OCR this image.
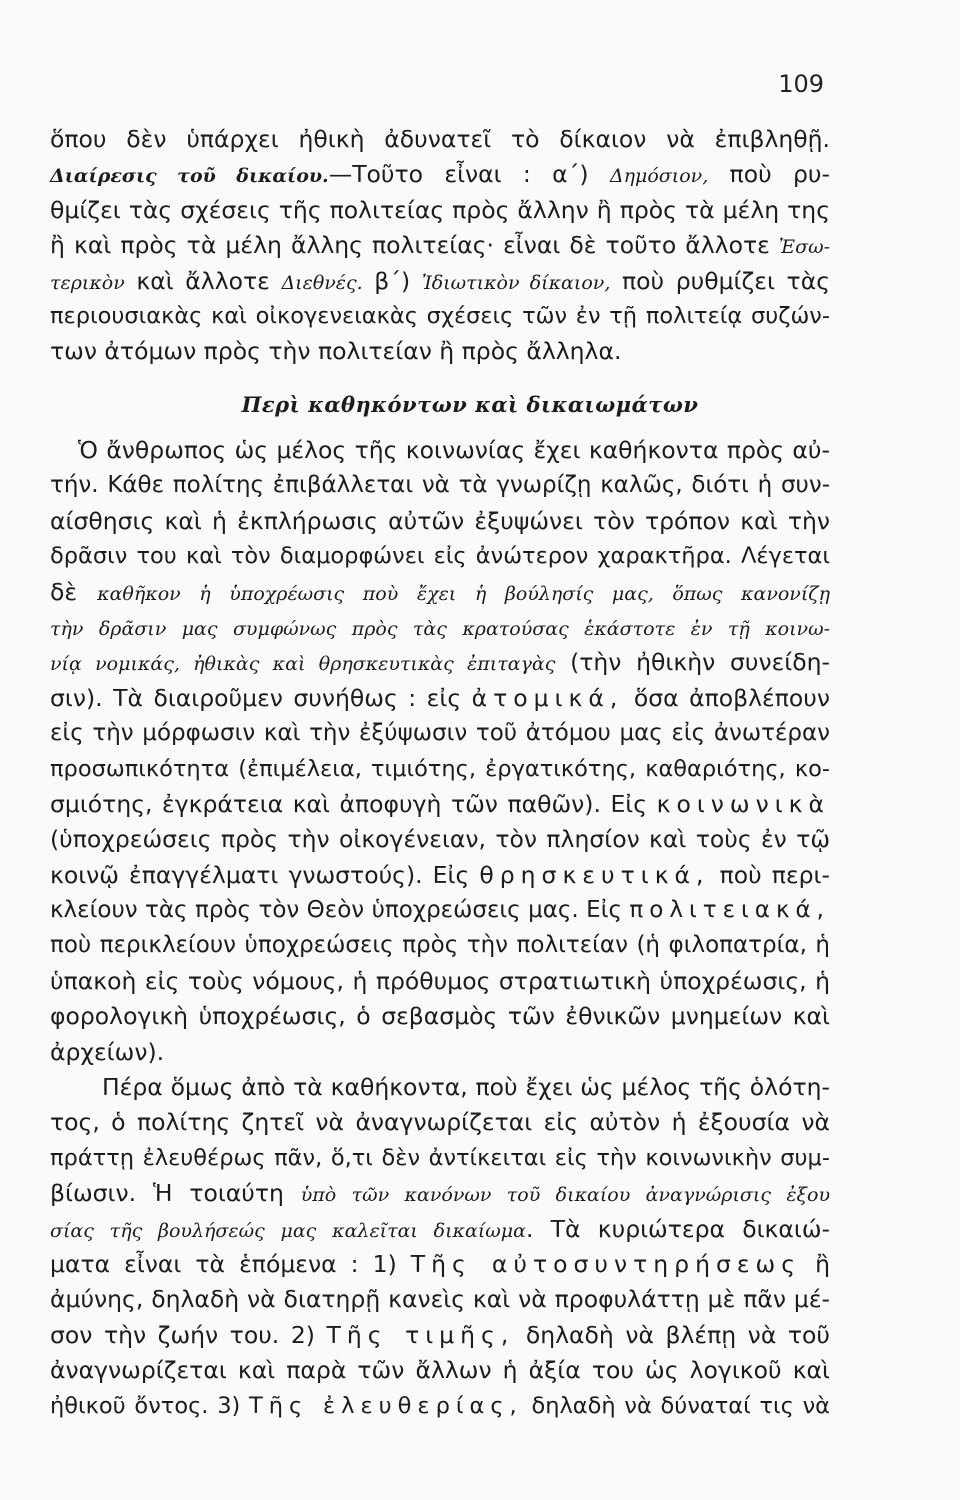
109
ὅπου δὲν ὑπάρχει ἠθικὴ ἀδυνατεῖ τὸ δίκαιον νὰ ἐπιβληθῇ.
Διαίρεσις τοῦ δικαίου.—Τοῦτο εἶναι : α΄) Δημόσιον, ποὺ ρυ-
θμίζει τὰς σχέσεις τῆς πολιτείας πρὸς ἄλλην ἢ πρὸς τὰ μέλη της
ἢ καὶ πρὸς τὰ μέλη ἄλλης πολιτείας· εἶναι δὲ τοῦτο ἄλλοτε Ἐσω-
τερικὸν καὶ ἄλλοτε Διεθνές. β΄) Ἰδιωτικὸν δίκαιον, ποὺ ρυθμίζει τὰς
περιουσιακὰς καὶ οἰκογενειακὰς σχέσεις τῶν ἐν τῇ πολιτείᾳ συζών-
των ἀτόμων πρὸς τὴν πολιτείαν ἢ πρὸς ἄλληλα.
Περὶ καθηκόντων καὶ δικαιωμάτων
Ὁ ἄνθρωπος ὡς μέλος τῆς κοινωνίας ἔχει καθήκοντα πρὸς αὐ-
τήν. Κάθε πολίτης ἐπιβάλλεται νὰ τὰ γνωρίζῃ καλῶς, διότι ἡ συν-
αίσθησις καὶ ἡ ἐκπλήρωσις αὐτῶν ἐξυψώνει τὸν τρόπον καὶ τὴν
δρᾶσιν του καὶ τὸν διαμορφώνει εἰς ἀνώτερον χαρακτῆρα. Λέγεται
δὲ καθῆκον ἡ ὑποχρέωσις ποὺ ἔχει ἡ βούλησίς μας, ὅπως κανονίζῃ
τὴν δρᾶσιν μας συμφώνως πρὸς τὰς κρατούσας ἑκάστοτε ἐν τῇ κοινω-
νίᾳ νομικάς, ἠθικὰς καὶ θρησκευτικὰς ἐπιταγὰς (τὴν ἠθικὴν συνείδη-
σιν). Τὰ διαιροῦμεν συνήθως : εἰς ἀτομικά, ὅσα ἀποβλέπουν
εἰς τὴν μόρφωσιν καὶ τὴν ἐξύψωσιν τοῦ ἀτόμου μας εἰς ἀνωτέραν
προσωπικότητα (ἐπιμέλεια, τιμιότης, ἐργατικότης, καθαριότης, κο-
σμιότης, ἐγκράτεια καὶ ἀποφυγὴ τῶν παθῶν). Εἰς κοινωνικὰ
(ὑποχρεώσεις πρὸς τὴν οἰκογένειαν, τὸν πλησίον καὶ τοὺς ἐν τῷ
κοινῷ ἐπαγγέλματι γνωστούς). Εἰς θρησκευτικά, ποὺ περι-
κλείουν τὰς πρὸς τὸν Θεὸν ὑποχρεώσεις μας. Εἰς πολιτειακά,
ποὺ περικλείουν ὑποχρεώσεις πρὸς τὴν πολιτείαν (ἡ φιλοπατρία, ἡ
ὑπακοὴ εἰς τοὺς νόμους, ἡ πρόθυμος στρατιωτικὴ ὑποχρέωσις, ἡ
φορολογικὴ ὑποχρέωσις, ὁ σεβασμὸς τῶν ἐθνικῶν μνημείων καὶ
ἀρχείων).
Πέρα ὅμως ἀπὸ τὰ καθήκοντα, ποὺ ἔχει ὡς μέλος τῆς ὁλότη-
τος, ὁ πολίτης ζητεῖ νὰ ἀναγνωρίζεται εἰς αὐτὸν ἡ ἐξουσία νὰ
πράττῃ ἐλευθέρως πᾶν, ὅ,τι δὲν ἀντίκειται εἰς τὴν κοινωνικὴν συμ-
βίωσιν. Ἡ τοιαύτη ὑπὸ τῶν κανόνων τοῦ δικαίου ἀναγνώρισις ἐξου
σίας τῆς βουλήσεώς μας καλεῖται δικαίωμα. Τὰ κυριώτερα δικαιώ-
ματα εἶναι τὰ ἑπόμενα : 1) Τῆς αὐτοσυντηρήσεως ἢ
ἀμύνης, δηλαδὴ νὰ διατηρῇ κανεὶς καὶ νὰ προφυλάττῃ μὲ πᾶν μέ-
σον τὴν ζωήν του. 2) Τῆς τιμῆς, δηλαδὴ νὰ βλέπῃ νὰ τοῦ
ἀναγνωρίζεται καὶ παρὰ τῶν ἄλλων ἡ ἀξία του ὡς λογικοῦ καὶ
ἠθικοῦ ὄντος. 3) Τῆς ἐλευθερίας, δηλαδὴ νὰ δύναταί τις νὰ
